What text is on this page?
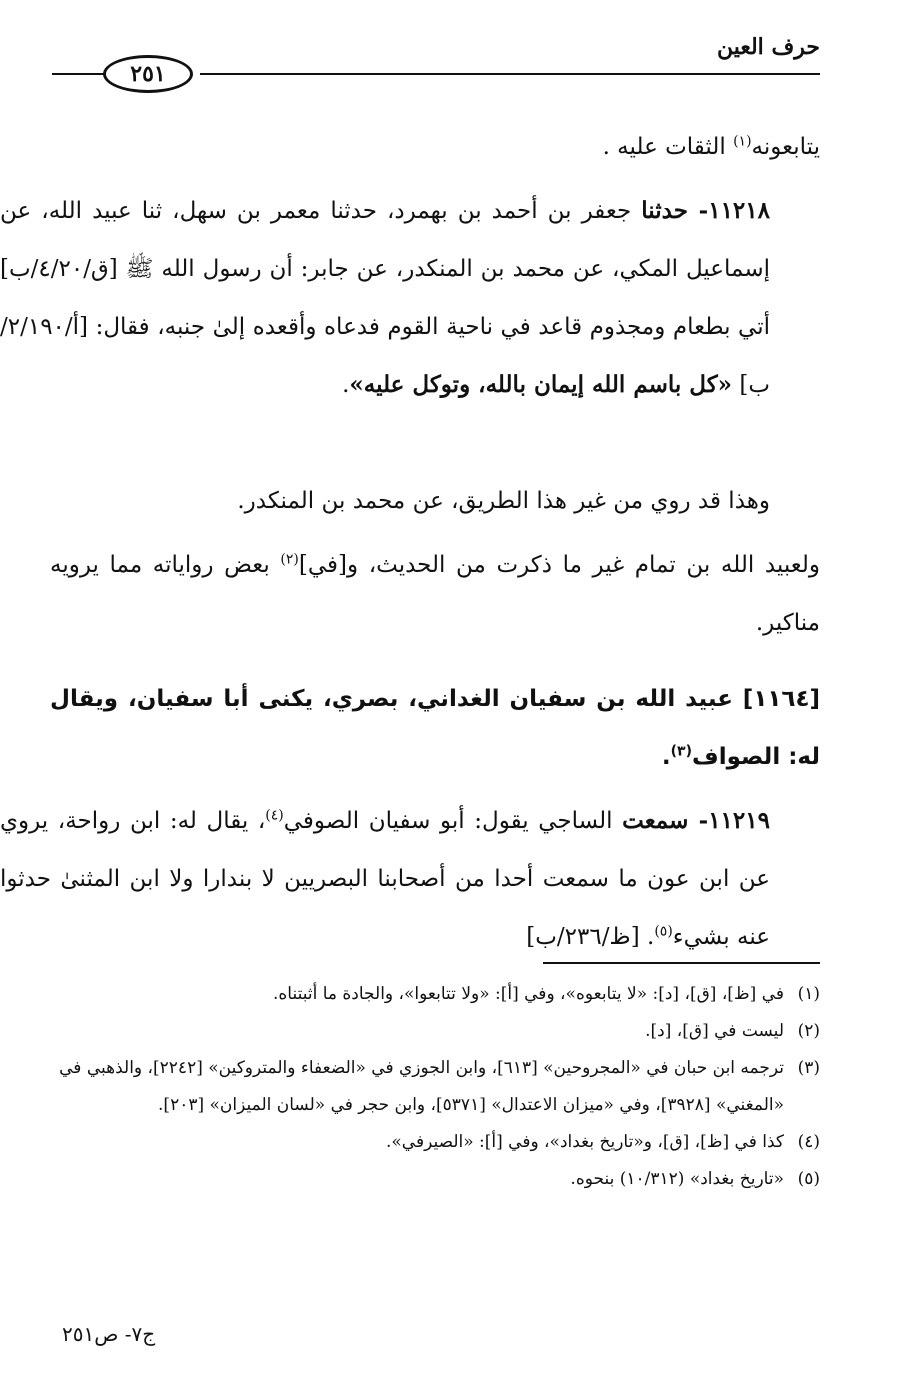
حرف العين
٢٥١

يتابعونه$^{(١)}$ الثقات عليه .

١١٢١٨- حدثنا جعفر بن أحمد بن بهمرد، حدثنا معمر بن سهل، ثنا عبيد الله، عن إسماعيل المكي، عن محمد بن المنكدر، عن جابر: أن رسول الله ﷺ [ق/٤/٢٠/ب] أتي بطعام ومجذوم قاعد في ناحية القوم فدعاه وأقعده إلىٰ جنبه، فقال: [أ/٢/١٩٠/ب] «كل باسم الله إيمان بالله، وتوكل عليه».

وهذا قد روي من غير هذا الطريق، عن محمد بن المنكدر.

ولعبيد الله بن تمام غير ما ذكرت من الحديث، و[في]$^{(٢)}$ بعض رواياته مما يرويه مناكير.

[١١٦٤] عبيد الله بن سفيان الغداني، بصري، يكنى أبا سفيان، ويقال له: الصواف$^{(٣)}$.

١١٢١٩- سمعت الساجي يقول: أبو سفيان الصوفي$^{(٤)}$، يقال له: ابن رواحة، يروي عن ابن عون ما سمعت أحدا من أصحابنا البصريين لا بندارا ولا ابن المثنىٰ حدثوا عنه بشيء$^{(٥)}$. [ظ/٢٣٦/ب]

(١)
في [ظ]، [ق]، [د]: «لا يتابعوه»، وفي [أ]: «ولا تتابعوا»، والجادة ما أثبتناه.

(٢)
ليست في [ق]، [د].

(٣)
ترجمه ابن حبان في «المجروحين» [٦١٣]، وابن الجوزي في «الضعفاء والمتروكين» [٢٢٤٢]، والذهبي في «المغني» [٣٩٢٨]، وفي «ميزان الاعتدال» [٥٣٧١]، وابن حجر في «لسان الميزان» [٢٠٣].

(٤)
كذا في [ظ]، [ق]، و«تاريخ بغداد»، وفي [أ]: «الصيرفي».

(٥)
«تاريخ بغداد» (١٠/٣١٢) بنحوه.

ج٧- ص٢٥١
